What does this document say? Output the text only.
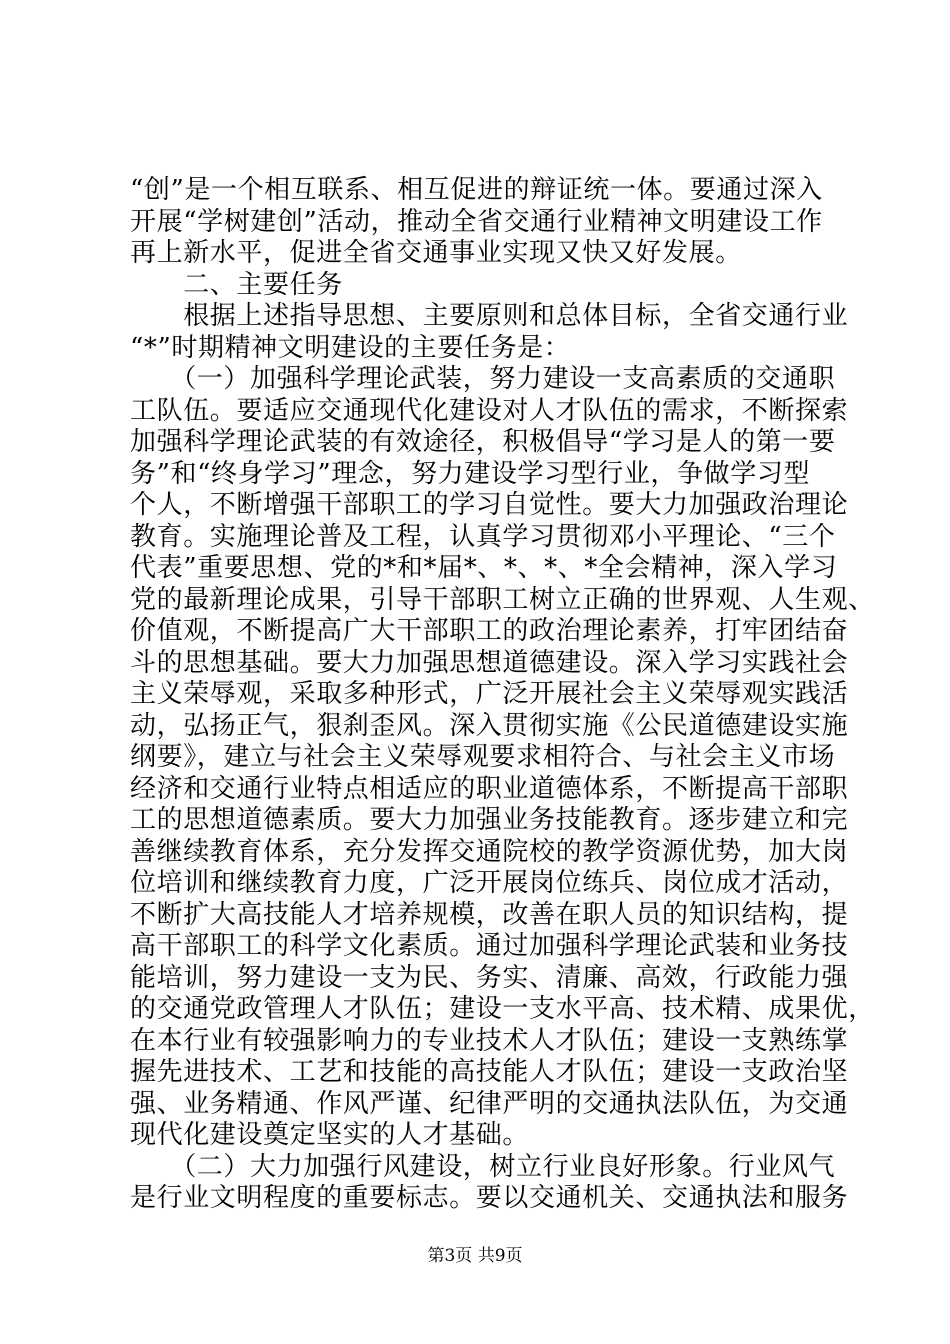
“创”是一个相互联系、相互促进的辩证统一体。要通过深入
开展“学树建创”活动，推动全省交通行业精神文明建设工作
再上新水平，促进全省交通事业实现又快又好发展。
　　二、主要任务
　　根据上述指导思想、主要原则和总体目标，全省交通行业
“*”时期精神文明建设的主要任务是：
　　（一）加强科学理论武装，努力建设一支高素质的交通职
工队伍。要适应交通现代化建设对人才队伍的需求，不断探索
加强科学理论武装的有效途径，积极倡导“学习是人的第一要
务”和“终身学习”理念，努力建设学习型行业，争做学习型
个人，不断增强干部职工的学习自觉性。要大力加强政治理论
教育。实施理论普及工程，认真学习贯彻邓小平理论、“三个
代表”重要思想、党的*和*届*、*、*、*全会精神，深入学习
党的最新理论成果，引导干部职工树立正确的世界观、人生观、
价值观，不断提高广大干部职工的政治理论素养，打牢团结奋
斗的思想基础。要大力加强思想道德建设。深入学习实践社会
主义荣辱观，采取多种形式，广泛开展社会主义荣辱观实践活
动，弘扬正气，狠刹歪风。深入贯彻实施《公民道德建设实施
纲要》，建立与社会主义荣辱观要求相符合、与社会主义市场
经济和交通行业特点相适应的职业道德体系，不断提高干部职
工的思想道德素质。要大力加强业务技能教育。逐步建立和完
善继续教育体系，充分发挥交通院校的教学资源优势，加大岗
位培训和继续教育力度，广泛开展岗位练兵、岗位成才活动，
不断扩大高技能人才培养规模，改善在职人员的知识结构，提
高干部职工的科学文化素质。通过加强科学理论武装和业务技
能培训，努力建设一支为民、务实、清廉、高效，行政能力强
的交通党政管理人才队伍；建设一支水平高、技术精、成果优，
在本行业有较强影响力的专业技术人才队伍；建设一支熟练掌
握先进技术、工艺和技能的高技能人才队伍；建设一支政治坚
强、业务精通、作风严谨、纪律严明的交通执法队伍，为交通
现代化建设奠定坚实的人才基础。
　　（二）大力加强行风建设，树立行业良好形象。行业风气
是行业文明程度的重要标志。要以交通机关、交通执法和服务
第3页 共9页
